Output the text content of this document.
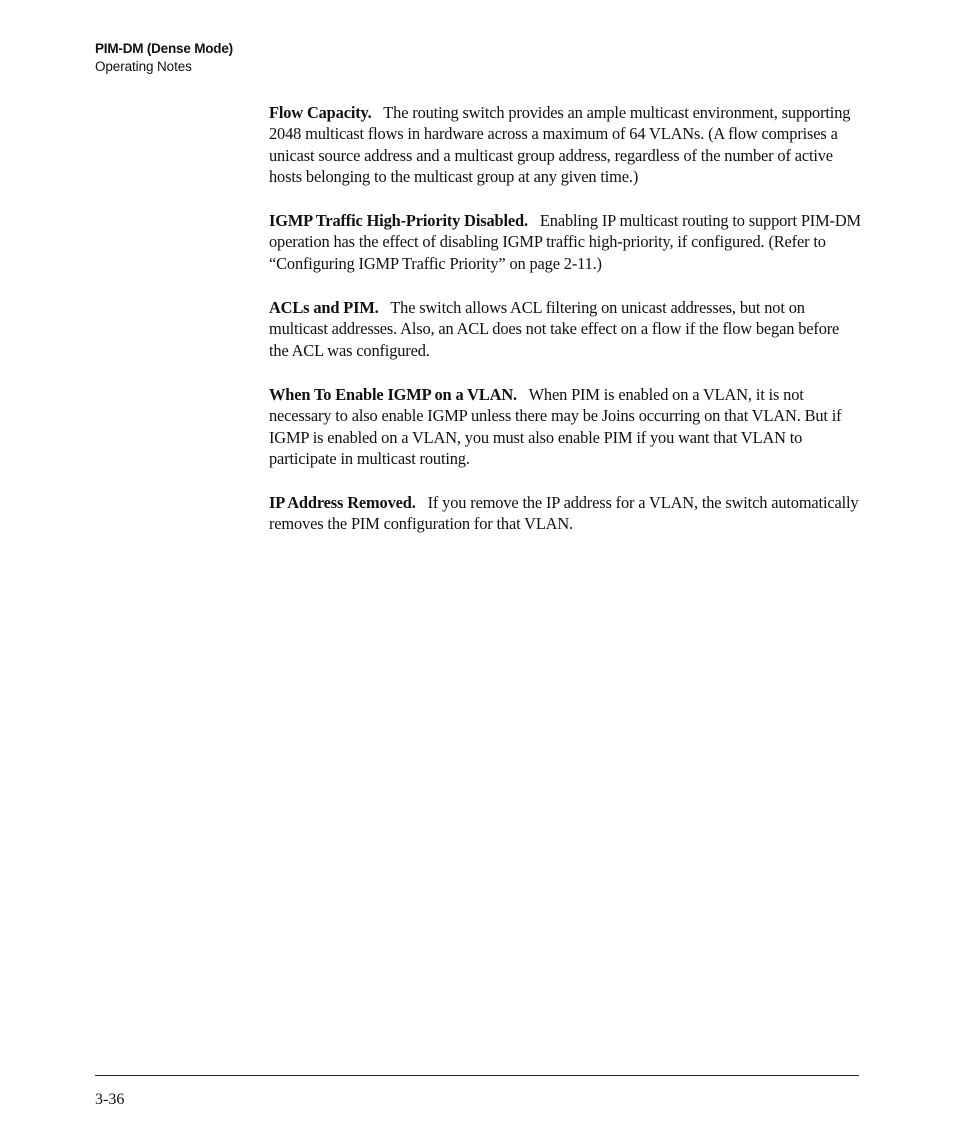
PIM-DM (Dense Mode)
Operating Notes

Flow Capacity. The routing switch provides an ample multicast environment, supporting 2048 multicast flows in hardware across a maximum of 64 VLANs. (A flow comprises a unicast source address and a multicast group address, regardless of the number of active hosts belonging to the multicast group at any given time.)

IGMP Traffic High-Priority Disabled. Enabling IP multicast routing to support PIM-DM operation has the effect of disabling IGMP traffic high-priority, if configured. (Refer to “Configuring IGMP Traffic Priority” on page 2-11.)

ACLs and PIM. The switch allows ACL filtering on unicast addresses, but not on multicast addresses. Also, an ACL does not take effect on a flow if the flow began before the ACL was configured.

When To Enable IGMP on a VLAN. When PIM is enabled on a VLAN, it is not necessary to also enable IGMP unless there may be Joins occurring on that VLAN. But if IGMP is enabled on a VLAN, you must also enable PIM if you want that VLAN to participate in multicast routing.

IP Address Removed. If you remove the IP address for a VLAN, the switch automatically removes the PIM configuration for that VLAN.

3-36
